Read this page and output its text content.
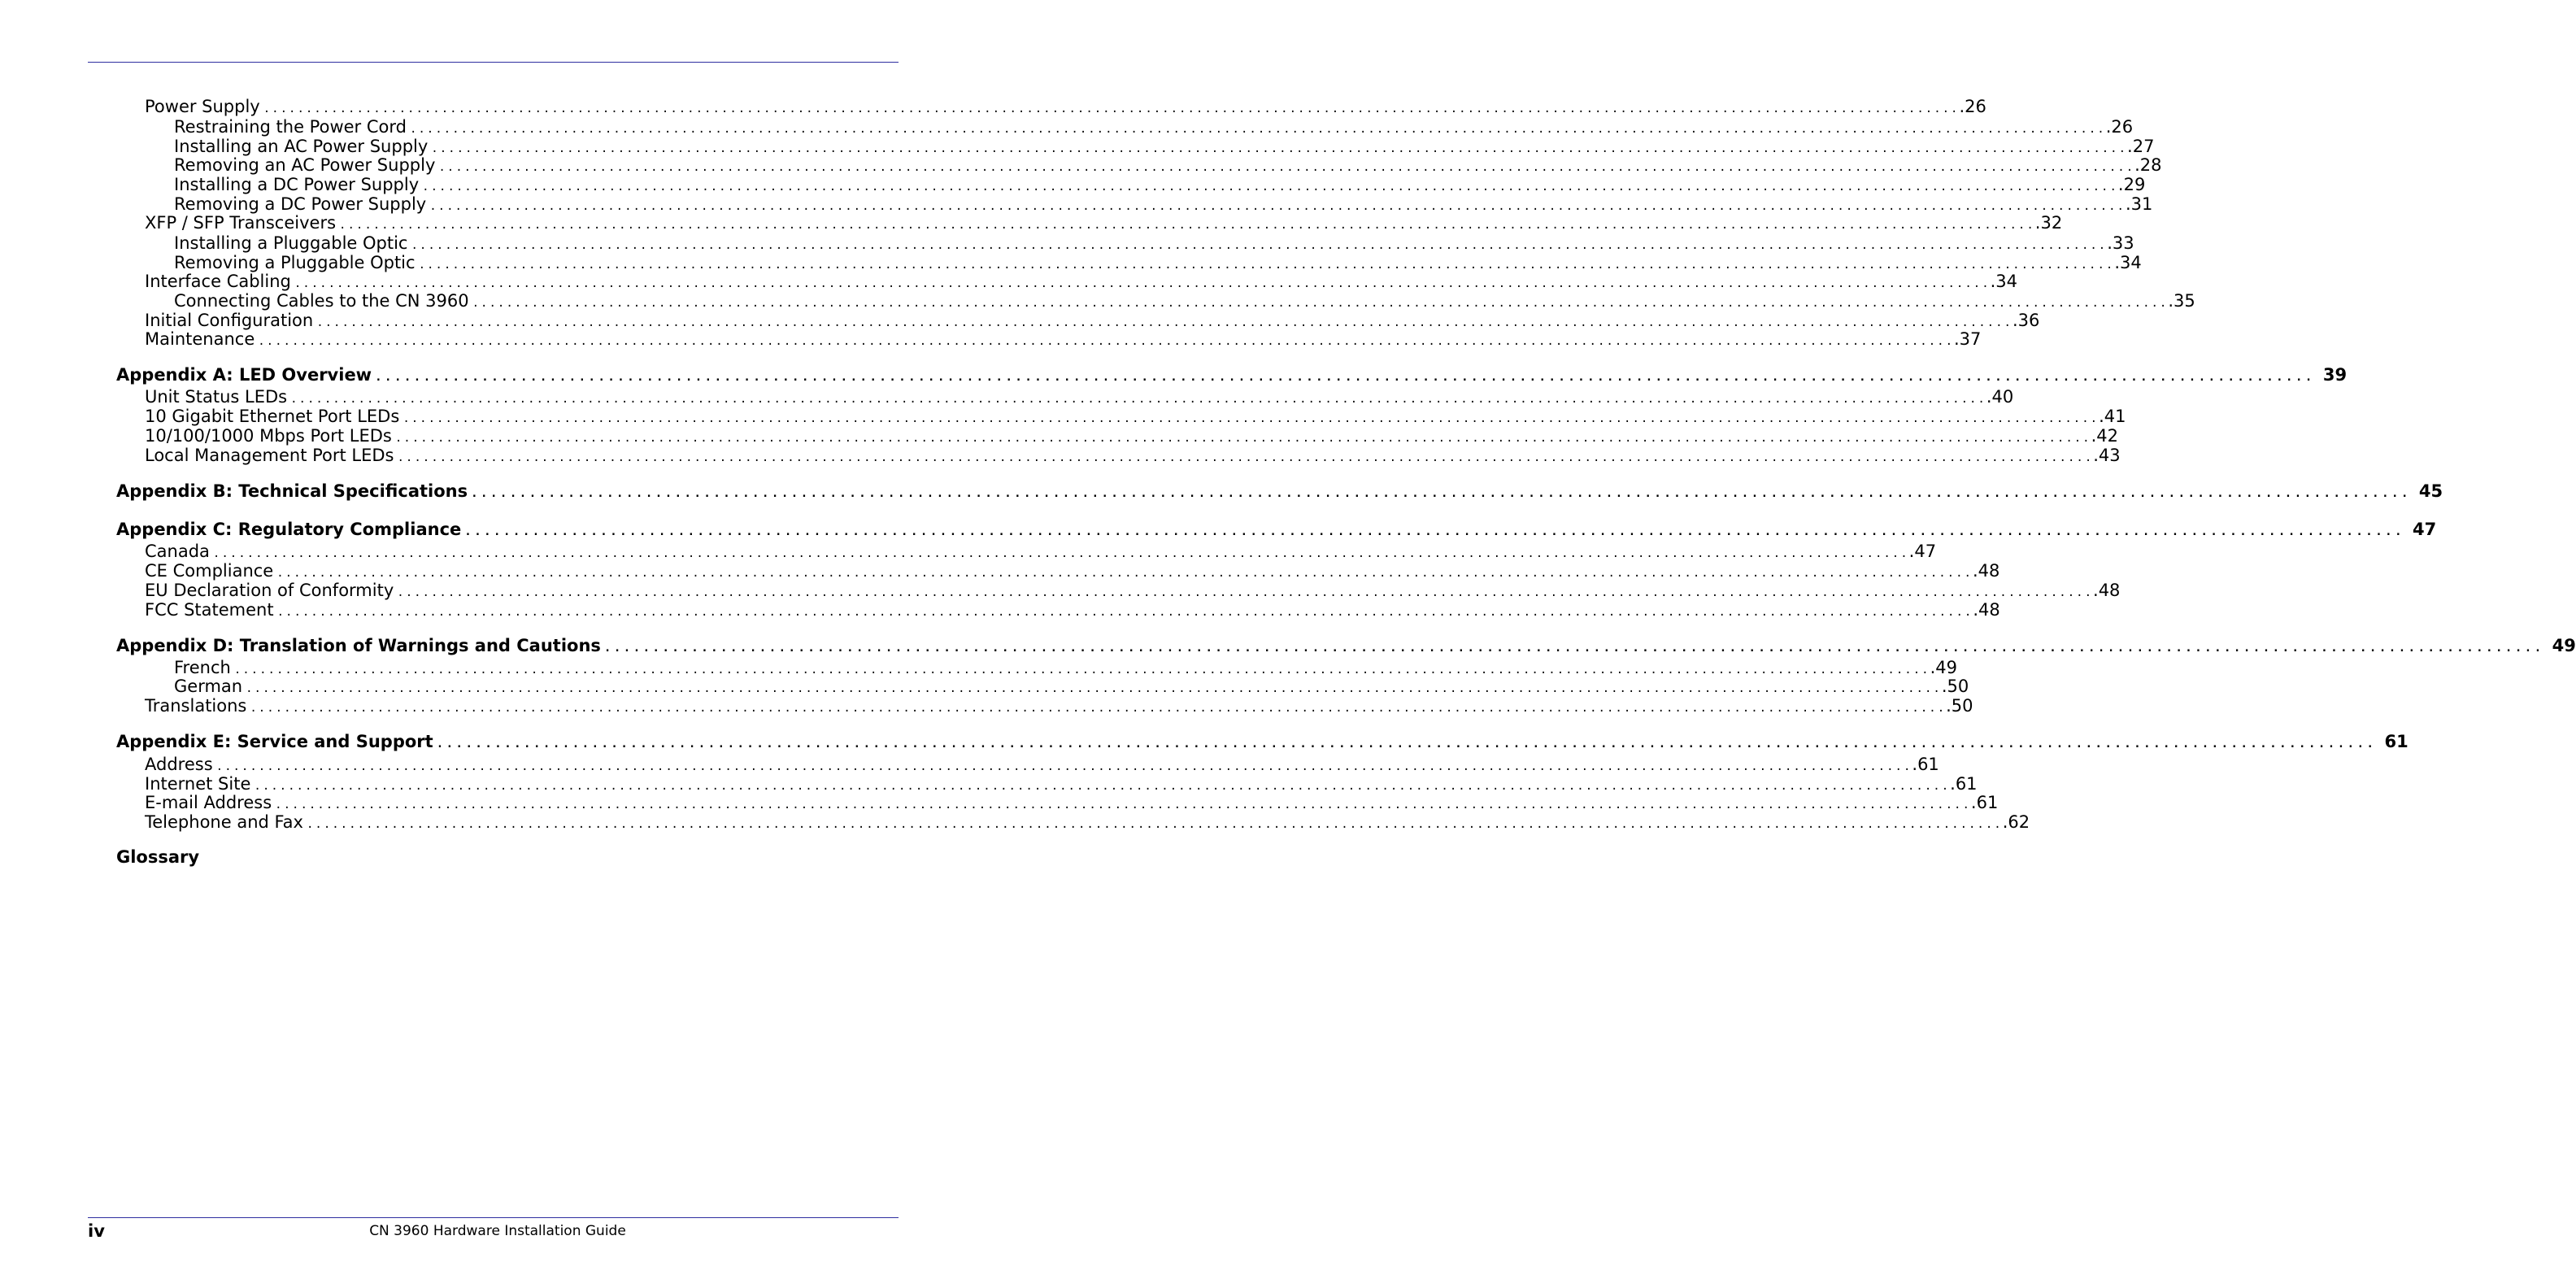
Power Supply ........................................................................................................................................................................................................ .26
Restraining the Power Cord ........................................................................................................................................................................................................ .26
Installing an AC Power Supply ........................................................................................................................................................................................................ .27
Removing an AC Power Supply ........................................................................................................................................................................................................ .28
Installing a DC Power Supply ........................................................................................................................................................................................................ .29
Removing a DC Power Supply ........................................................................................................................................................................................................ .31
XFP / SFP Transceivers ........................................................................................................................................................................................................ .32
Installing a Pluggable Optic ........................................................................................................................................................................................................ .33
Removing a Pluggable Optic ........................................................................................................................................................................................................ .34
Interface Cabling ........................................................................................................................................................................................................ .34
Connecting Cables to the CN 3960 ........................................................................................................................................................................................................ .35
Initial Configuration ........................................................................................................................................................................................................ .36
Maintenance ........................................................................................................................................................................................................ .37
Appendix A: LED Overview ........................................................................................................................................................................................................ 39
Unit Status LEDs ........................................................................................................................................................................................................ .40
10 Gigabit Ethernet Port LEDs ........................................................................................................................................................................................................ .41
10/100/1000 Mbps Port LEDs ........................................................................................................................................................................................................ .42
Local Management Port LEDs ........................................................................................................................................................................................................ .43
Appendix B: Technical Specifications ........................................................................................................................................................................................................ 45
Appendix C: Regulatory Compliance ........................................................................................................................................................................................................ 47
Canada ........................................................................................................................................................................................................ .47
CE Compliance ........................................................................................................................................................................................................ .48
EU Declaration of Conformity ........................................................................................................................................................................................................ .48
FCC Statement ........................................................................................................................................................................................................ .48
Appendix D: Translation of Warnings and Cautions ........................................................................................................................................................................................................ 49
French ........................................................................................................................................................................................................ .49
German ........................................................................................................................................................................................................ .50
Translations ........................................................................................................................................................................................................ .50
Appendix E: Service and Support ........................................................................................................................................................................................................ 61
Address ........................................................................................................................................................................................................ .61
Internet Site ........................................................................................................................................................................................................ .61
E-mail Address ........................................................................................................................................................................................................ .61
Telephone and Fax ........................................................................................................................................................................................................ .62
Glossary
iv	CN 3960 Hardware Installation Guide
